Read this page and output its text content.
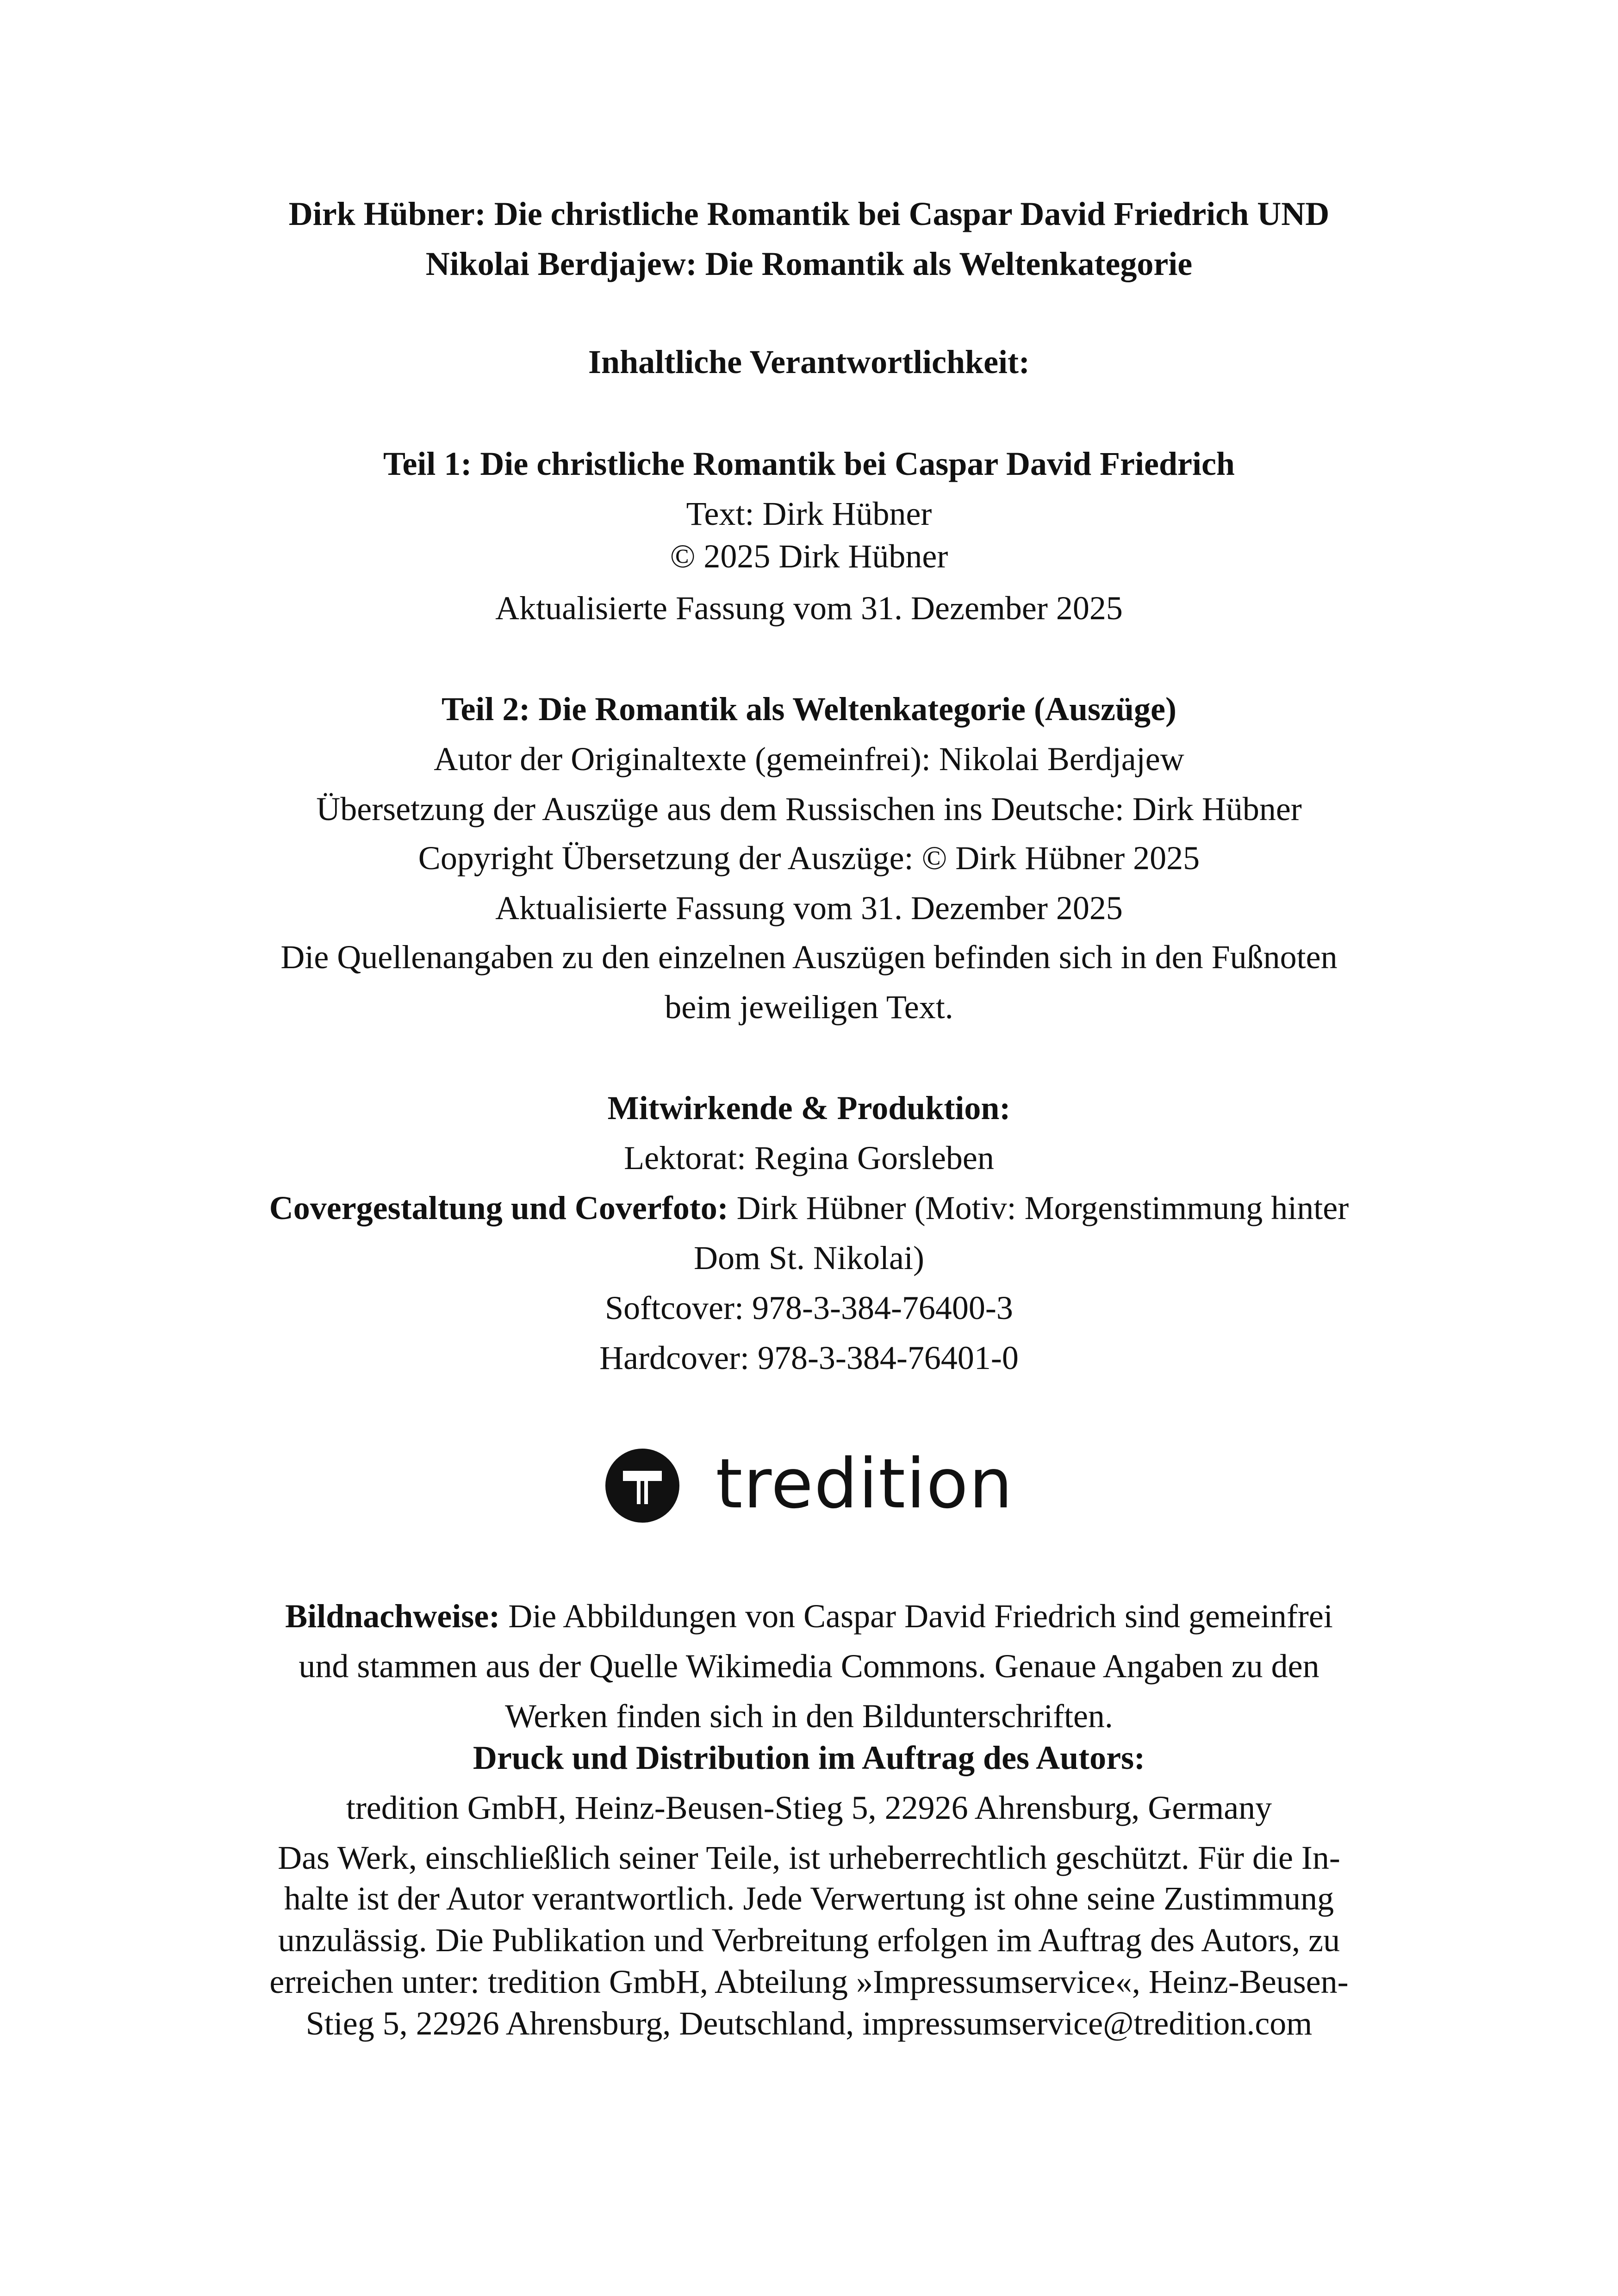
Dirk Hübner: Die christliche Romantik bei Caspar David Friedrich UND
Nikolai Berdjajew: Die Romantik als Weltenkategorie
Inhaltliche Verantwortlichkeit:
Teil 1: Die christliche Romantik bei Caspar David Friedrich
Text: Dirk Hübner
© 2025 Dirk Hübner
Aktualisierte Fassung vom 31. Dezember 2025
Teil 2: Die Romantik als Weltenkategorie (Auszüge)
Autor der Originaltexte (gemeinfrei): Nikolai Berdjajew
Übersetzung der Auszüge aus dem Russischen ins Deutsche: Dirk Hübner
Copyright Übersetzung der Auszüge: © Dirk Hübner 2025
Aktualisierte Fassung vom 31. Dezember 2025
Die Quellenangaben zu den einzelnen Auszügen befinden sich in den Fußnoten
beim jeweiligen Text.
Mitwirkende & Produktion:
Lektorat: Regina Gorsleben
Covergestaltung und Coverfoto: Dirk Hübner (Motiv: Morgenstimmung hinter
Dom St. Nikolai)
Softcover: 978-3-384-76400-3
Hardcover: 978-3-384-76401-0
tredition
Bildnachweise: Die Abbildungen von Caspar David Friedrich sind gemeinfrei
und stammen aus der Quelle Wikimedia Commons. Genaue Angaben zu den
Werken finden sich in den Bildunterschriften.
Druck und Distribution im Auftrag des Autors:
tredition GmbH, Heinz-Beusen-Stieg 5, 22926 Ahrensburg, Germany
Das Werk, einschließlich seiner Teile, ist urheberrechtlich geschützt. Für die In-
halte ist der Autor verantwortlich. Jede Verwertung ist ohne seine Zustimmung
unzulässig. Die Publikation und Verbreitung erfolgen im Auftrag des Autors, zu
erreichen unter: tredition GmbH, Abteilung »Impressumservice«, Heinz-Beusen-
Stieg 5, 22926 Ahrensburg, Deutschland, impressumservice@tredition.com
